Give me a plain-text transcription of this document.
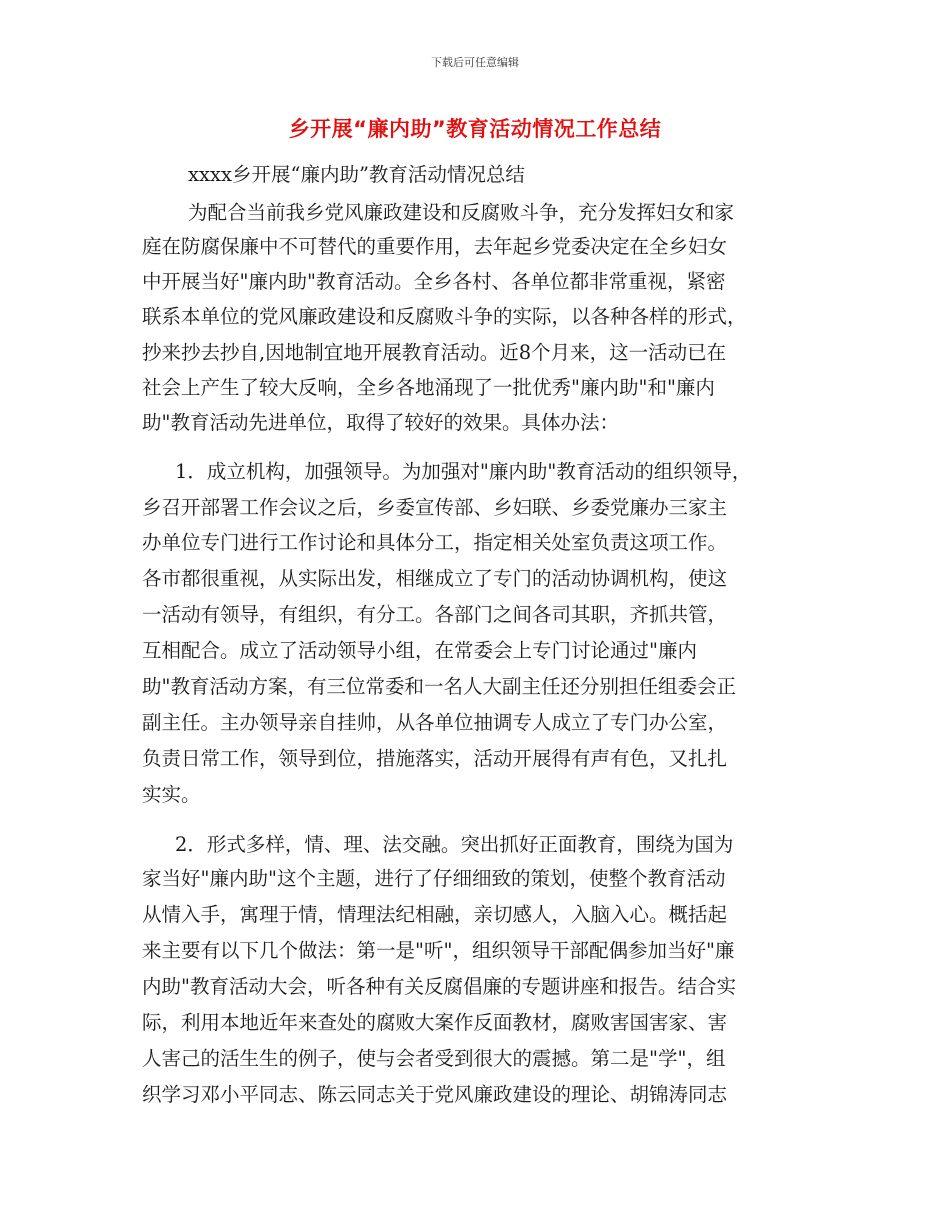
下载后可任意编辑
乡开展“廉内助”教育活动情况工作总结
xxxx乡开展“廉内助”教育活动情况总结
为配合当前我乡党风廉政建设和反腐败斗争，充分发挥妇女和家
庭在防腐保廉中不可替代的重要作用，去年起乡党委决定在全乡妇女
中开展当好"廉内助"教育活动。全乡各村、各单位都非常重视，紧密
联系本单位的党风廉政建设和反腐败斗争的实际，以各种各样的形式，
抄来抄去抄自,因地制宜地开展教育活动。近8个月来，这一活动已在
社会上产生了较大反响，全乡各地涌现了一批优秀"廉内助"和"廉内
助"教育活动先进单位，取得了较好的效果。具体办法：
1．成立机构，加强领导。为加强对"廉内助"教育活动的组织领导，
乡召开部署工作会议之后，乡委宣传部、乡妇联、乡委党廉办三家主
办单位专门进行工作讨论和具体分工，指定相关处室负责这项工作。
各市都很重视，从实际出发，相继成立了专门的活动协调机构，使这
一活动有领导，有组织，有分工。各部门之间各司其职，齐抓共管，
互相配合。成立了活动领导小组，在常委会上专门讨论通过"廉内
助"教育活动方案，有三位常委和一名人大副主任还分别担任组委会正
副主任。主办领导亲自挂帅，从各单位抽调专人成立了专门办公室，
负责日常工作，领导到位，措施落实，活动开展得有声有色，又扎扎
实实。
2．形式多样，情、理、法交融。突出抓好正面教育，围绕为国为
家当好"廉内助"这个主题，进行了仔细细致的策划，使整个教育活动
从情入手，寓理于情，情理法纪相融，亲切感人，入脑入心。概括起
来主要有以下几个做法：第一是"听"，组织领导干部配偶参加当好"廉
内助"教育活动大会，听各种有关反腐倡廉的专题讲座和报告。结合实
际，利用本地近年来查处的腐败大案作反面教材，腐败害国害家、害
人害己的活生生的例子，使与会者受到很大的震撼。第二是"学"，组
织学习邓小平同志、陈云同志关于党风廉政建设的理论、胡锦涛同志
